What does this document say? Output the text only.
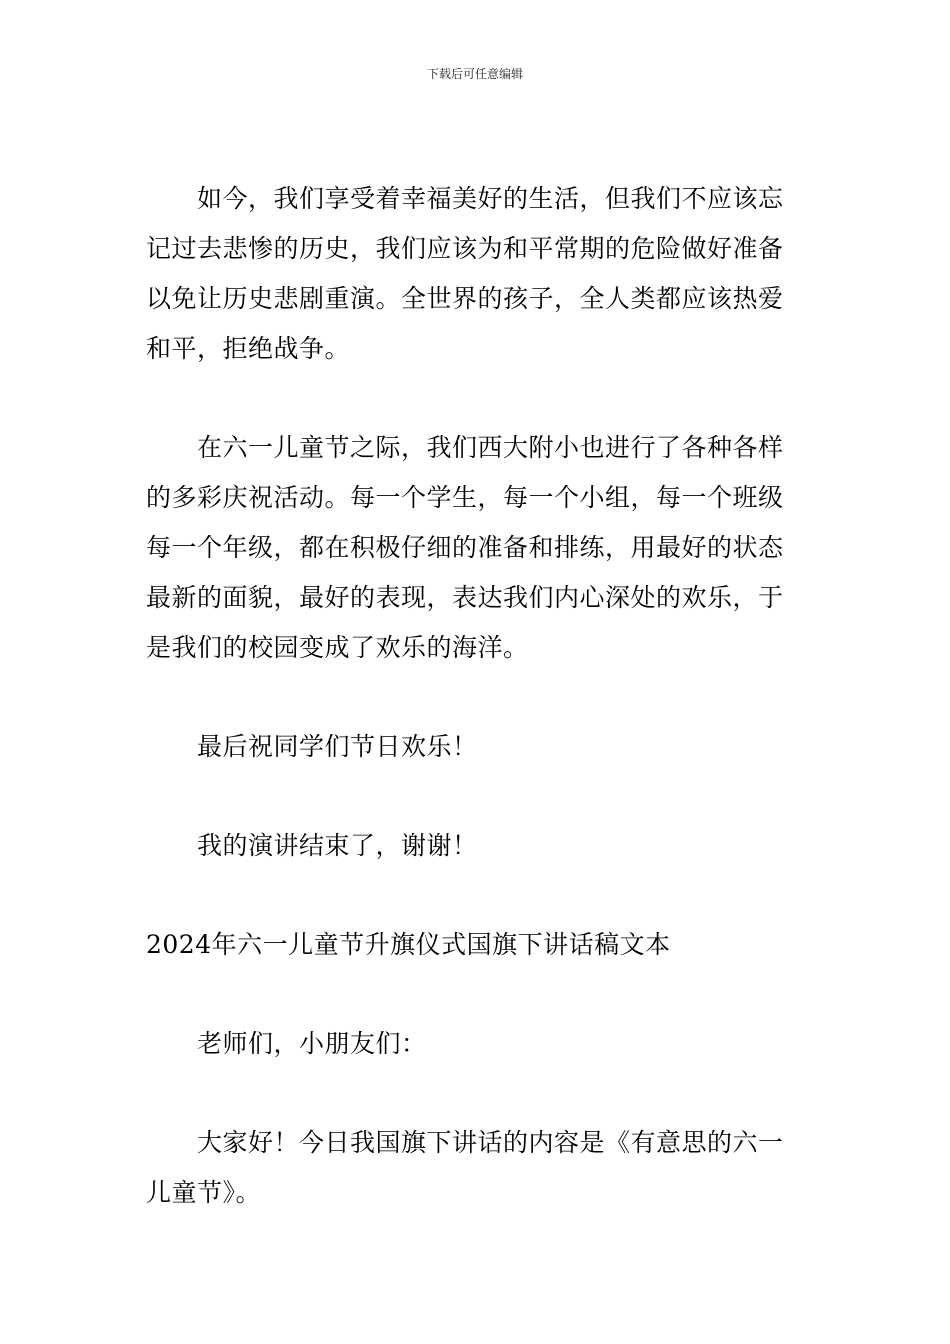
下载后可任意编辑
如今，我们享受着幸福美好的生活，但我们不应该忘
记过去悲惨的历史，我们应该为和平常期的危险做好准备
以免让历史悲剧重演。全世界的孩子，全人类都应该热爱
和平，拒绝战争。
在六一儿童节之际，我们西大附小也进行了各种各样
的多彩庆祝活动。每一个学生，每一个小组，每一个班级
每一个年级，都在积极仔细的准备和排练，用最好的状态
最新的面貌，最好的表现，表达我们内心深处的欢乐，于
是我们的校园变成了欢乐的海洋。
最后祝同学们节日欢乐！
我的演讲结束了，谢谢！
2024年六一儿童节升旗仪式国旗下讲话稿文本
老师们，小朋友们：
大家好！今日我国旗下讲话的内容是《有意思的六一
儿童节》。
